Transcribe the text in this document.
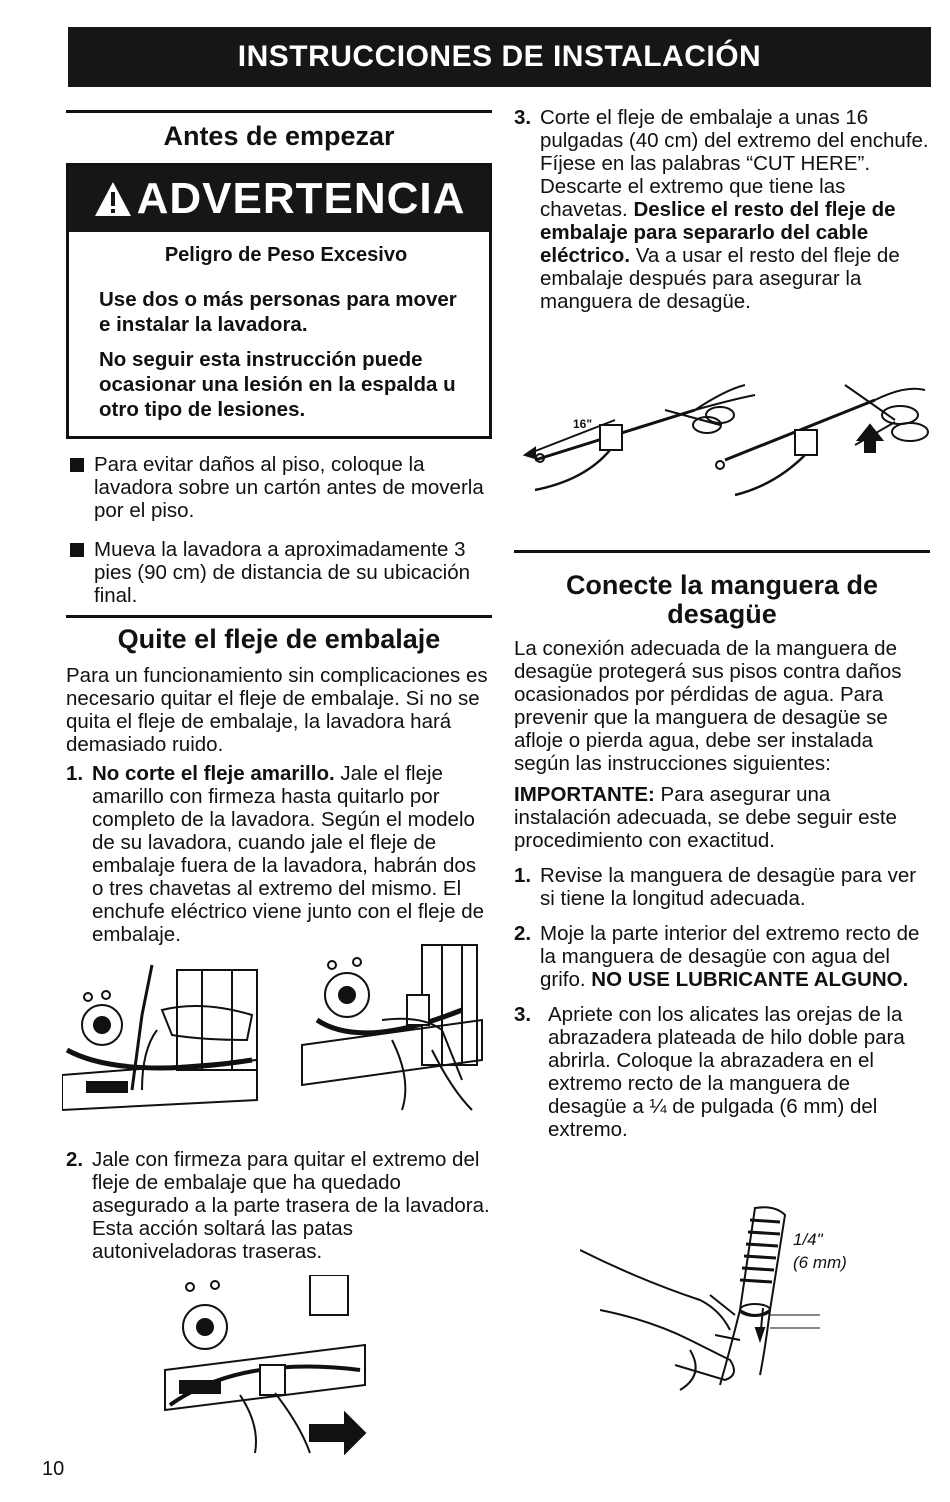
INSTRUCCIONES DE INSTALACIÓN
Antes de empezar
ADVERTENCIA

Peligro de Peso Excesivo

Use dos o más personas para mover e instalar la lavadora.

No seguir esta instrucción puede ocasionar una lesión en la espalda u otro tipo de lesiones.

Para evitar daños al piso, coloque la lavadora sobre un cartón antes de moverla por el piso.

Mueva la lavadora a aproximadamente 3 pies (90 cm) de distancia de su ubicación final.

Quite el fleje de embalaje

Para un funcionamiento sin complicaciones es necesario quitar el fleje de embalaje. Si no se quita el fleje de embalaje, la lavadora hará demasiado ruido.

1. No corte el fleje amarillo. Jale el fleje amarillo con firmeza hasta quitarlo por completo de la lavadora. Según el modelo de su lavadora, cuando jale el fleje de embalaje fuera de la lavadora, habrán dos o tres chavetas al extremo del mismo. El enchufe eléctrico viene junto con el fleje de embalaje.
2. Jale con firmeza para quitar el extremo del fleje de embalaje que ha quedado asegurado a la parte trasera de la lavadora. Esta acción soltará las patas autoniveladoras traseras.
3. Corte el fleje de embalaje a unas 16 pulgadas (40 cm) del extremo del enchufe. Fíjese en las palabras “CUT HERE”. Descarte el extremo que tiene las chavetas. Deslice el resto del fleje de embalaje para separarlo del cable eléctrico. Va a usar el resto del fleje de embalaje después para asegurar la manguera de desagüe.
16"
Conecte la manguera de desagüe

La conexión adecuada de la manguera de desagüe protegerá sus pisos contra daños ocasionados por pérdidas de agua. Para prevenir que la manguera de desagüe se afloje o pierda agua, debe ser instalada según las instrucciones siguientes:

IMPORTANTE: Para asegurar una instalación adecuada, se debe seguir este procedimiento con exactitud.

1. Revise la manguera de desagüe para ver si tiene la longitud adecuada.
2. Moje la parte interior del extremo recto de la manguera de desagüe con agua del grifo. NO USE LUBRICANTE ALGUNO.
3. Apriete con los alicates las orejas de la abrazadera plateada de hilo doble para abrirla. Coloque la abrazadera en el extremo recto de la manguera de desagüe a ¼ de pulgada (6 mm) del extremo.
1/4"
(6 mm)
10
